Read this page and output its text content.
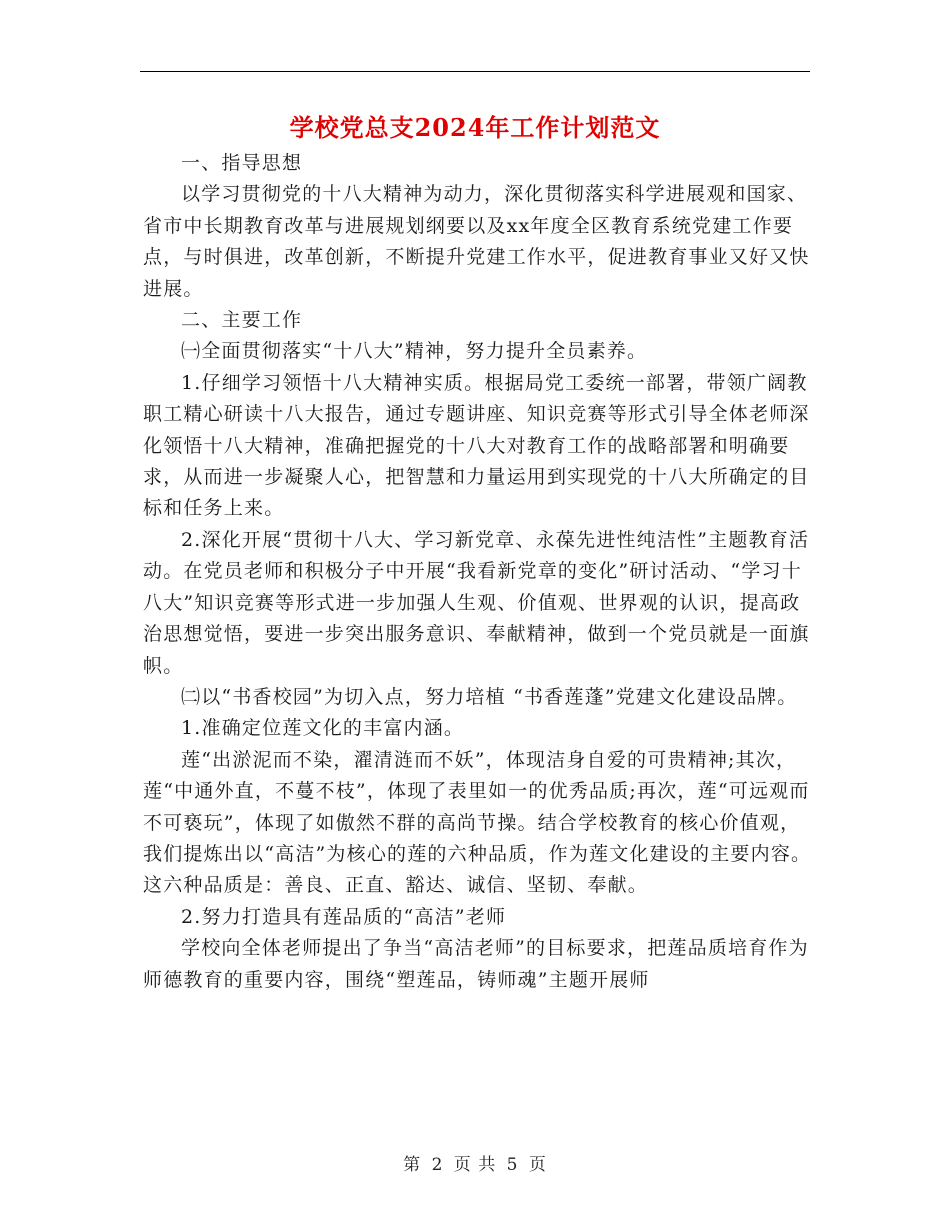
学校党总支2024年工作计划范文

一、指导思想

以学习贯彻党的十八大精神为动力，深化贯彻落实科学进展观和国家、省市中长期教育改革与进展规划纲要以及xx年度全区教育系统党建工作要点，与时俱进，改革创新，不断提升党建工作水平，促进教育事业又好又快进展。

二、主要工作

㈠全面贯彻落实“十八大”精神，努力提升全员素养。

1.仔细学习领悟十八大精神实质。根据局党工委统一部署，带领广阔教职工精心研读十八大报告，通过专题讲座、知识竞赛等形式引导全体老师深化领悟十八大精神，准确把握党的十八大对教育工作的战略部署和明确要求，从而进一步凝聚人心，把智慧和力量运用到实现党的十八大所确定的目标和任务上来。

2.深化开展“贯彻十八大、学习新党章、永葆先进性纯洁性”主题教育活动。在党员老师和积极分子中开展“我看新党章的变化”研讨活动、“学习十八大”知识竞赛等形式进一步加强人生观、价值观、世界观的认识，提高政治思想觉悟，要进一步突出服务意识、奉献精神，做到一个党员就是一面旗帜。

㈡以“书香校园”为切入点，努力培植 “书香莲蓬”党建文化建设品牌。

1.准确定位莲文化的丰富内涵。

莲“出淤泥而不染，濯清涟而不妖”，体现洁身自爱的可贵精神;其次，莲“中通外直，不蔓不枝”，体现了表里如一的优秀品质;再次，莲“可远观而不可亵玩”，体现了如傲然不群的高尚节操。结合学校教育的核心价值观，我们提炼出以“高洁”为核心的莲的六种品质，作为莲文化建设的主要内容。这六种品质是：善良、正直、豁达、诚信、坚韧、奉献。

2.努力打造具有莲品质的“高洁”老师

学校向全体老师提出了争当“高洁老师”的目标要求，把莲品质培育作为师德教育的重要内容，围绕“塑莲品，铸师魂”主题开展师

第 2 页 共 5 页
